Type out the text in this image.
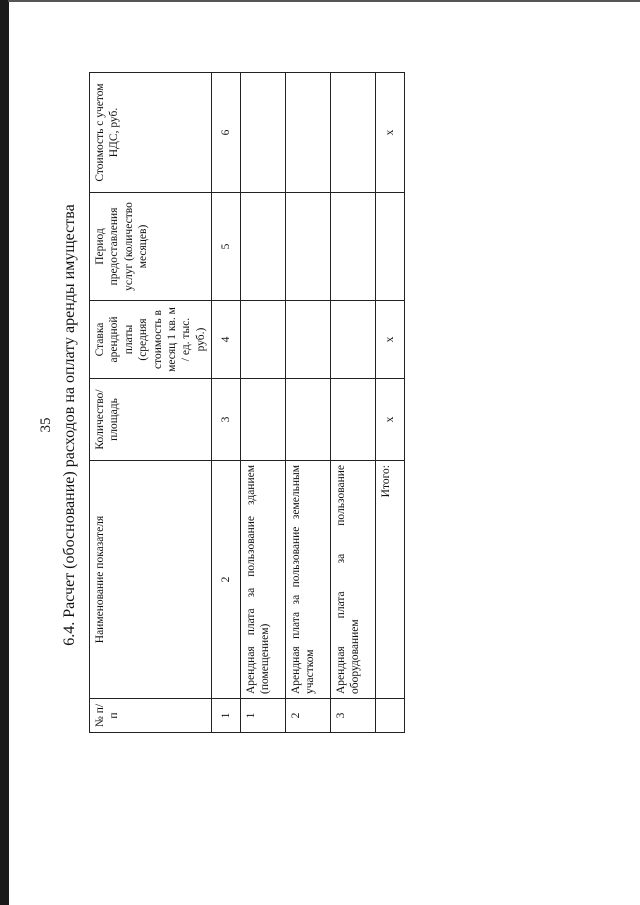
35 6.4. Расчет (обоснование) расходов на оплату аренды имущества
№ п/п	Наименование показателя	Количество/ площадь	Ставка арендной платы (средняя стоимость в месяц 1 кв. м / ед. тыс. руб.)	Период предоставления услуг (количество месяцев)	Стоимость с учетом НДС, руб.
1	2	3	4	5	6
1	Арендная плата за пользование зданием (помещением)				
2	Арендная плата за пользование земельным участком				
3	Арендная плата за пользование оборудованием				
	Итого:	х	х		х
